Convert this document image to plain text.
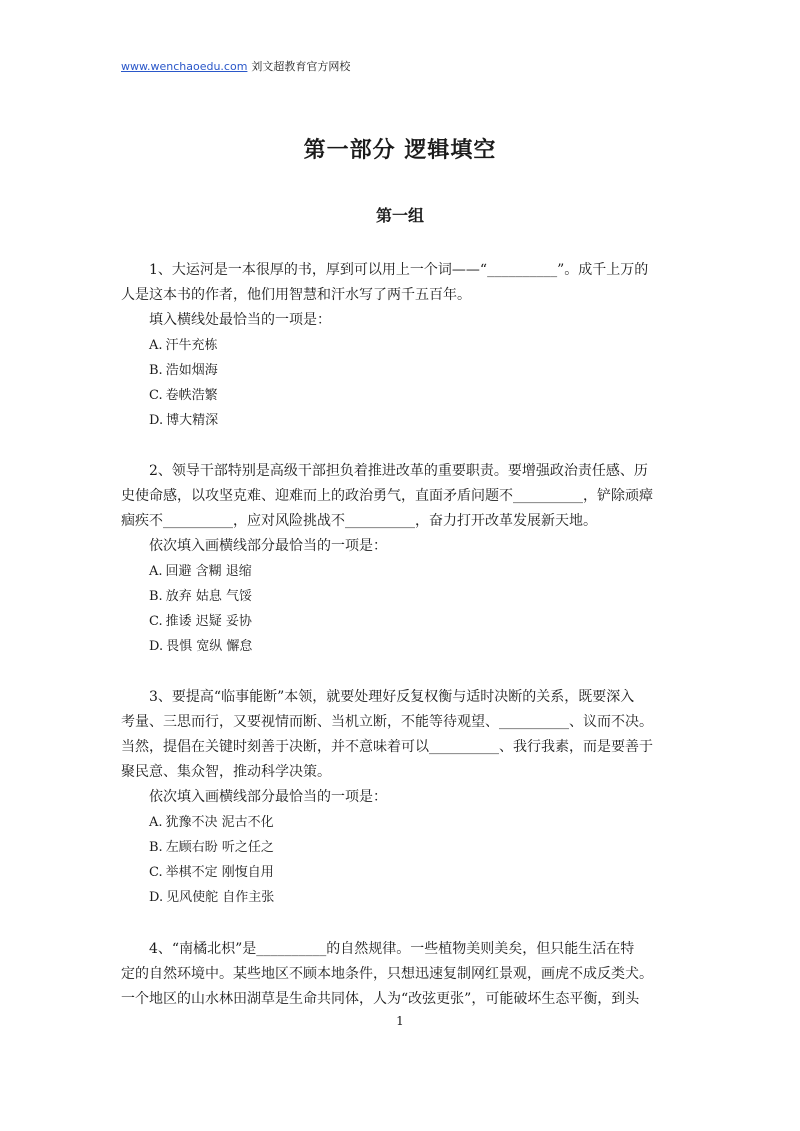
www.wenchaoedu.com 刘文超教育官方网校
第一部分 逻辑填空
第一组
1、大运河是一本很厚的书，厚到可以用上一个词——“__________”。成千上万的
人是这本书的作者，他们用智慧和汗水写了两千五百年。
填入横线处最恰当的一项是：
A. 汗牛充栋
B. 浩如烟海
C. 卷帙浩繁
D. 博大精深
2、领导干部特别是高级干部担负着推进改革的重要职责。要增强政治责任感、历
史使命感，以攻坚克难、迎难而上的政治勇气，直面矛盾问题不__________，铲除顽瘴
痼疾不__________，应对风险挑战不__________，奋力打开改革发展新天地。
依次填入画横线部分最恰当的一项是：
A. 回避 含糊 退缩
B. 放弃 姑息 气馁
C. 推诿 迟疑 妥协
D. 畏惧 宽纵 懈怠
3、要提高“临事能断”本领，就要处理好反复权衡与适时决断的关系，既要深入
考量、三思而行，又要视情而断、当机立断，不能等待观望、__________、议而不决。
当然，提倡在关键时刻善于决断，并不意味着可以__________、我行我素，而是要善于
聚民意、集众智，推动科学决策。
依次填入画横线部分最恰当的一项是：
A. 犹豫不决 泥古不化
B. 左顾右盼 听之任之
C. 举棋不定 刚愎自用
D. 见风使舵 自作主张
4、“南橘北枳”是__________的自然规律。一些植物美则美矣，但只能生活在特
定的自然环境中。某些地区不顾本地条件，只想迅速复制网红景观，画虎不成反类犬。
一个地区的山水林田湖草是生命共同体，人为“改弦更张”，可能破坏生态平衡，到头
1
